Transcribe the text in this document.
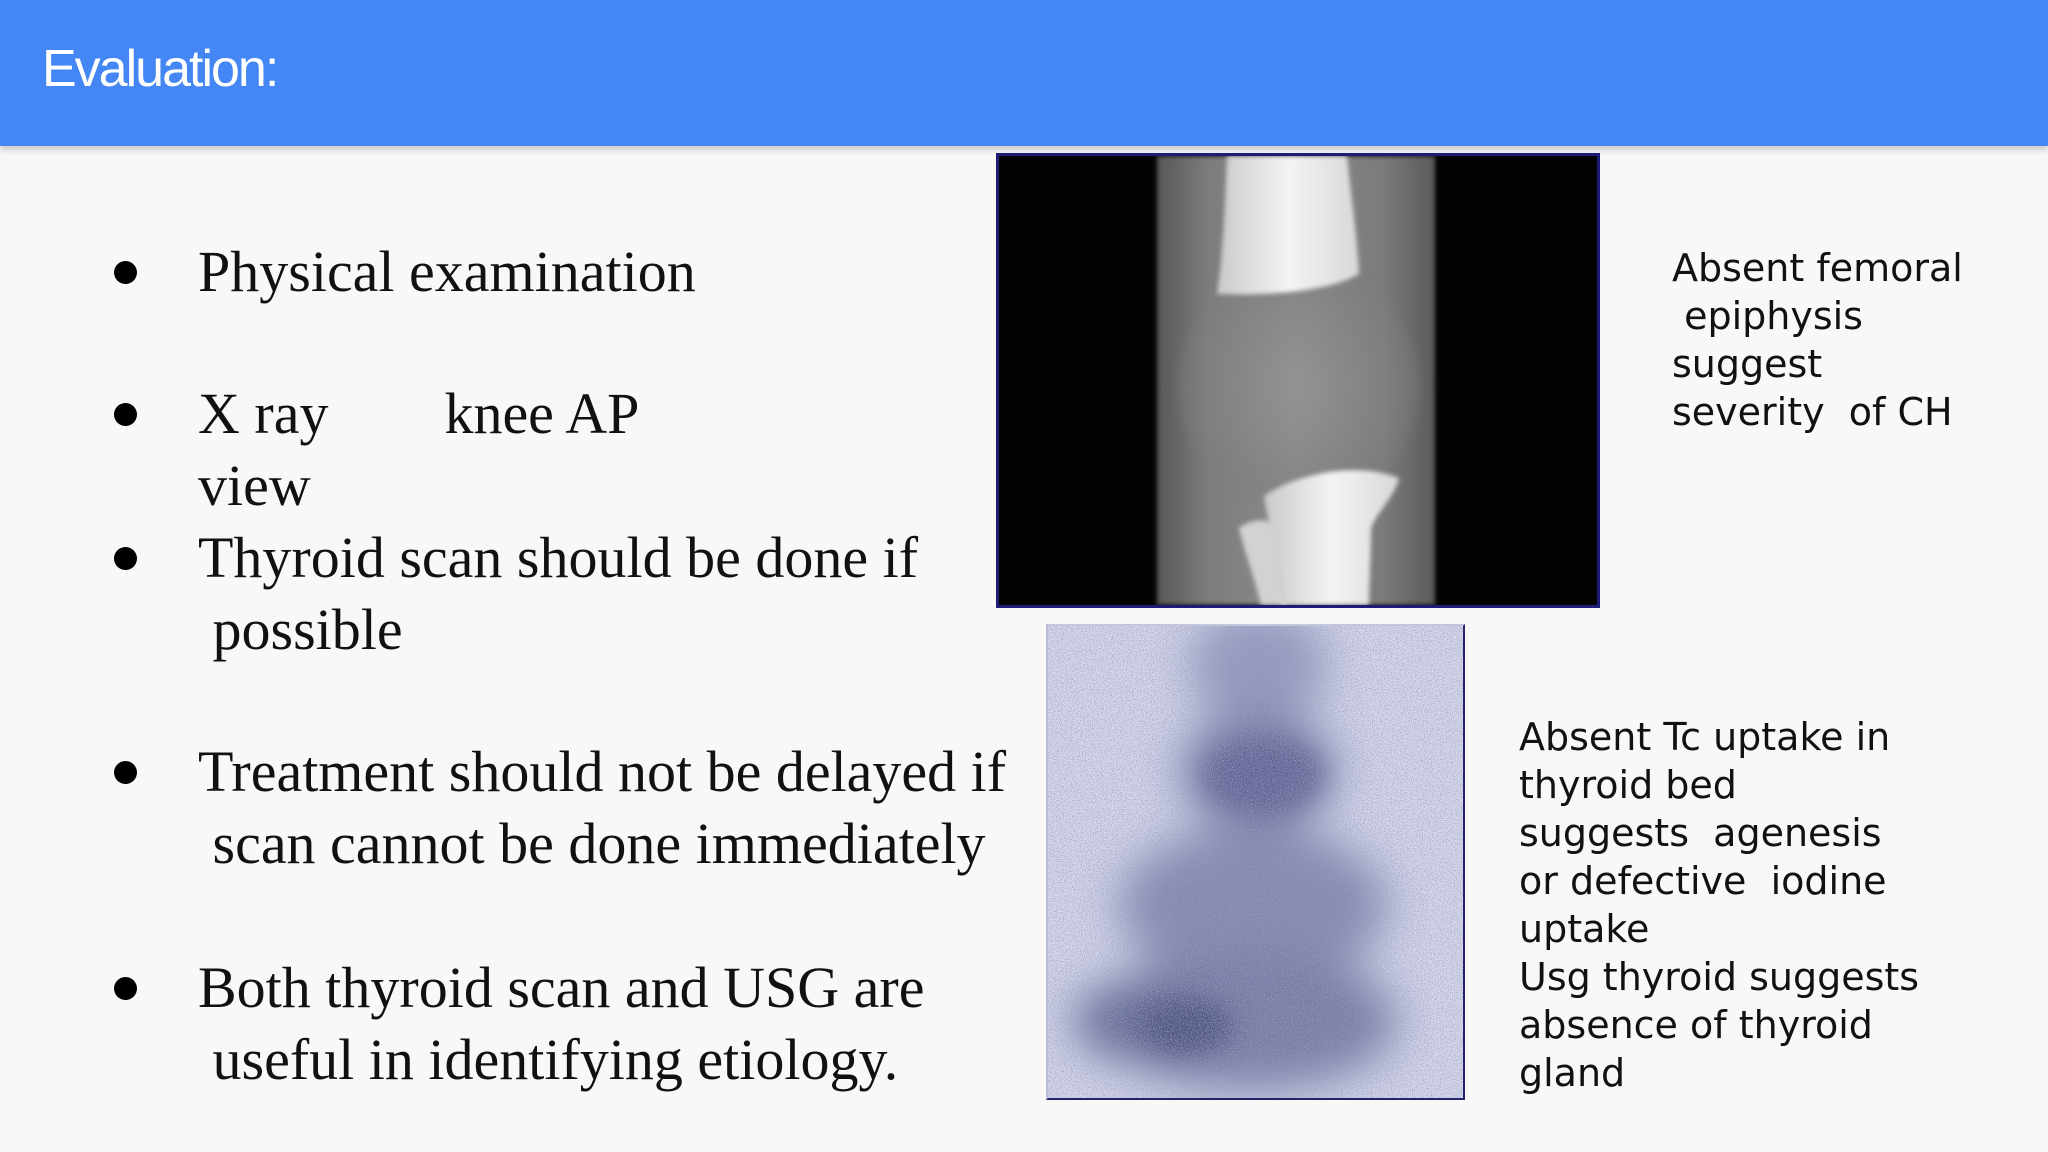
Evaluation:
Physical examination
X ray        knee AP
view
Thyroid scan should be done if
possible
Treatment should not be delayed if
scan cannot be done immediately
Both thyroid scan and USG are
useful in identifying etiology.
Absent femoral
epiphysis
suggest
severity  of CH
Absent Tc uptake in
thyroid bed
suggests  agenesis
or defective  iodine
uptake
Usg thyroid suggests
absence of thyroid
gland
